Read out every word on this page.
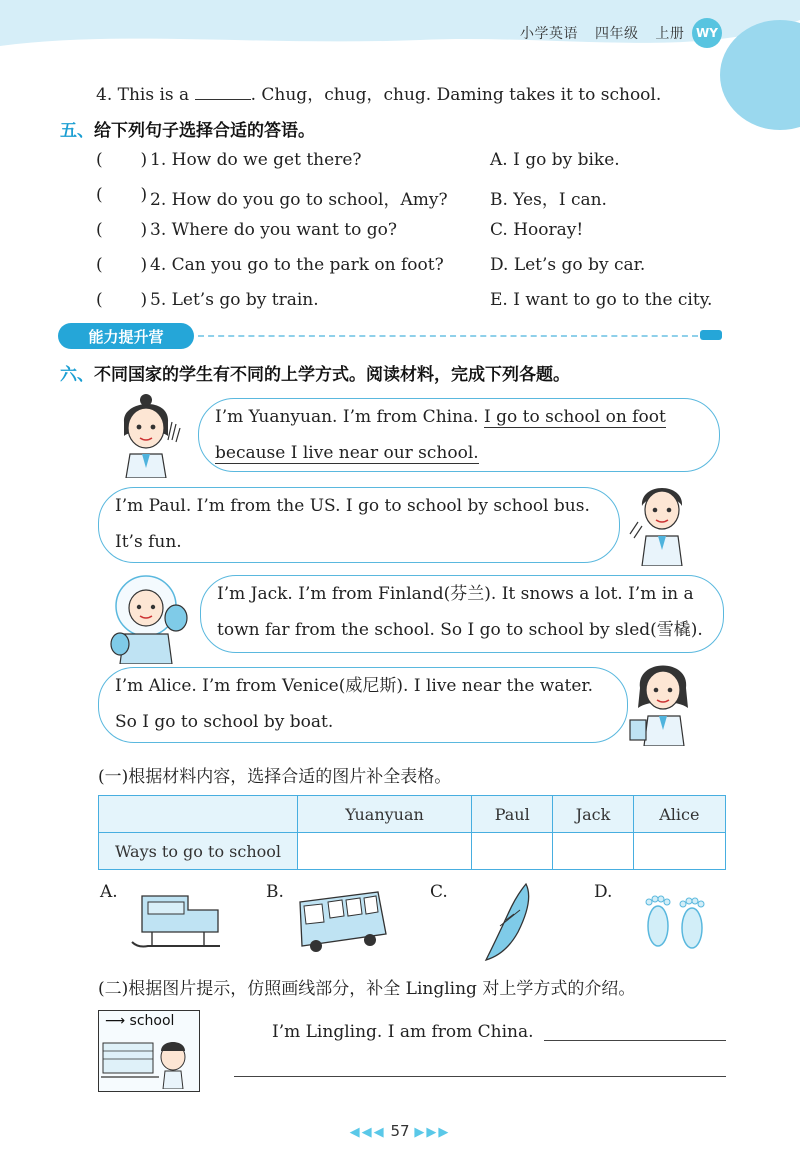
小学英语 四年级 上册 WY
4. This is a	. Chug，chug，chug. Daming takes it to school.
五、给下列句子选择合适的答语。
(       ) 1. How do we get there?	A. I go by bike.
(       ) 2. How do you go to school，Amy? B. Yes，I can.
(       ) 3. Where do you want to go?	C. Hooray!
(       ) 4. Can you go to the park on foot?	D. Let’s go by car.
(       ) 5. Let’s go by train.	E. I want to go to the city.
能力提升营
六、不同国家的学生有不同的上学方式。阅读材料，完成下列各题。
I’m Yuanyuan. I’m from China. I go to school on foot
because I live near our school.
I’m Paul. I’m from the US. I go to school by school bus.
It’s fun.
I’m Jack. I’m from Finland(芬兰). It snows a lot. I’m in a
town far from the school. So I go to school by sled(雪橇).
I’m Alice. I’m from Venice(威尼斯). I live near the water.
So I go to school by boat.
(一)根据材料内容，选择合适的图片补全表格。
	Yuanyuan	Paul	Jack	Alice
Ways to go to school				
A.	B.	C.	D.
(二)根据图片提示，仿照画线部分，补全 Lingling 对上学方式的介绍。
⟶ school
I’m Lingling. I am from China.
◀◀◀ 57 ▶▶▶
